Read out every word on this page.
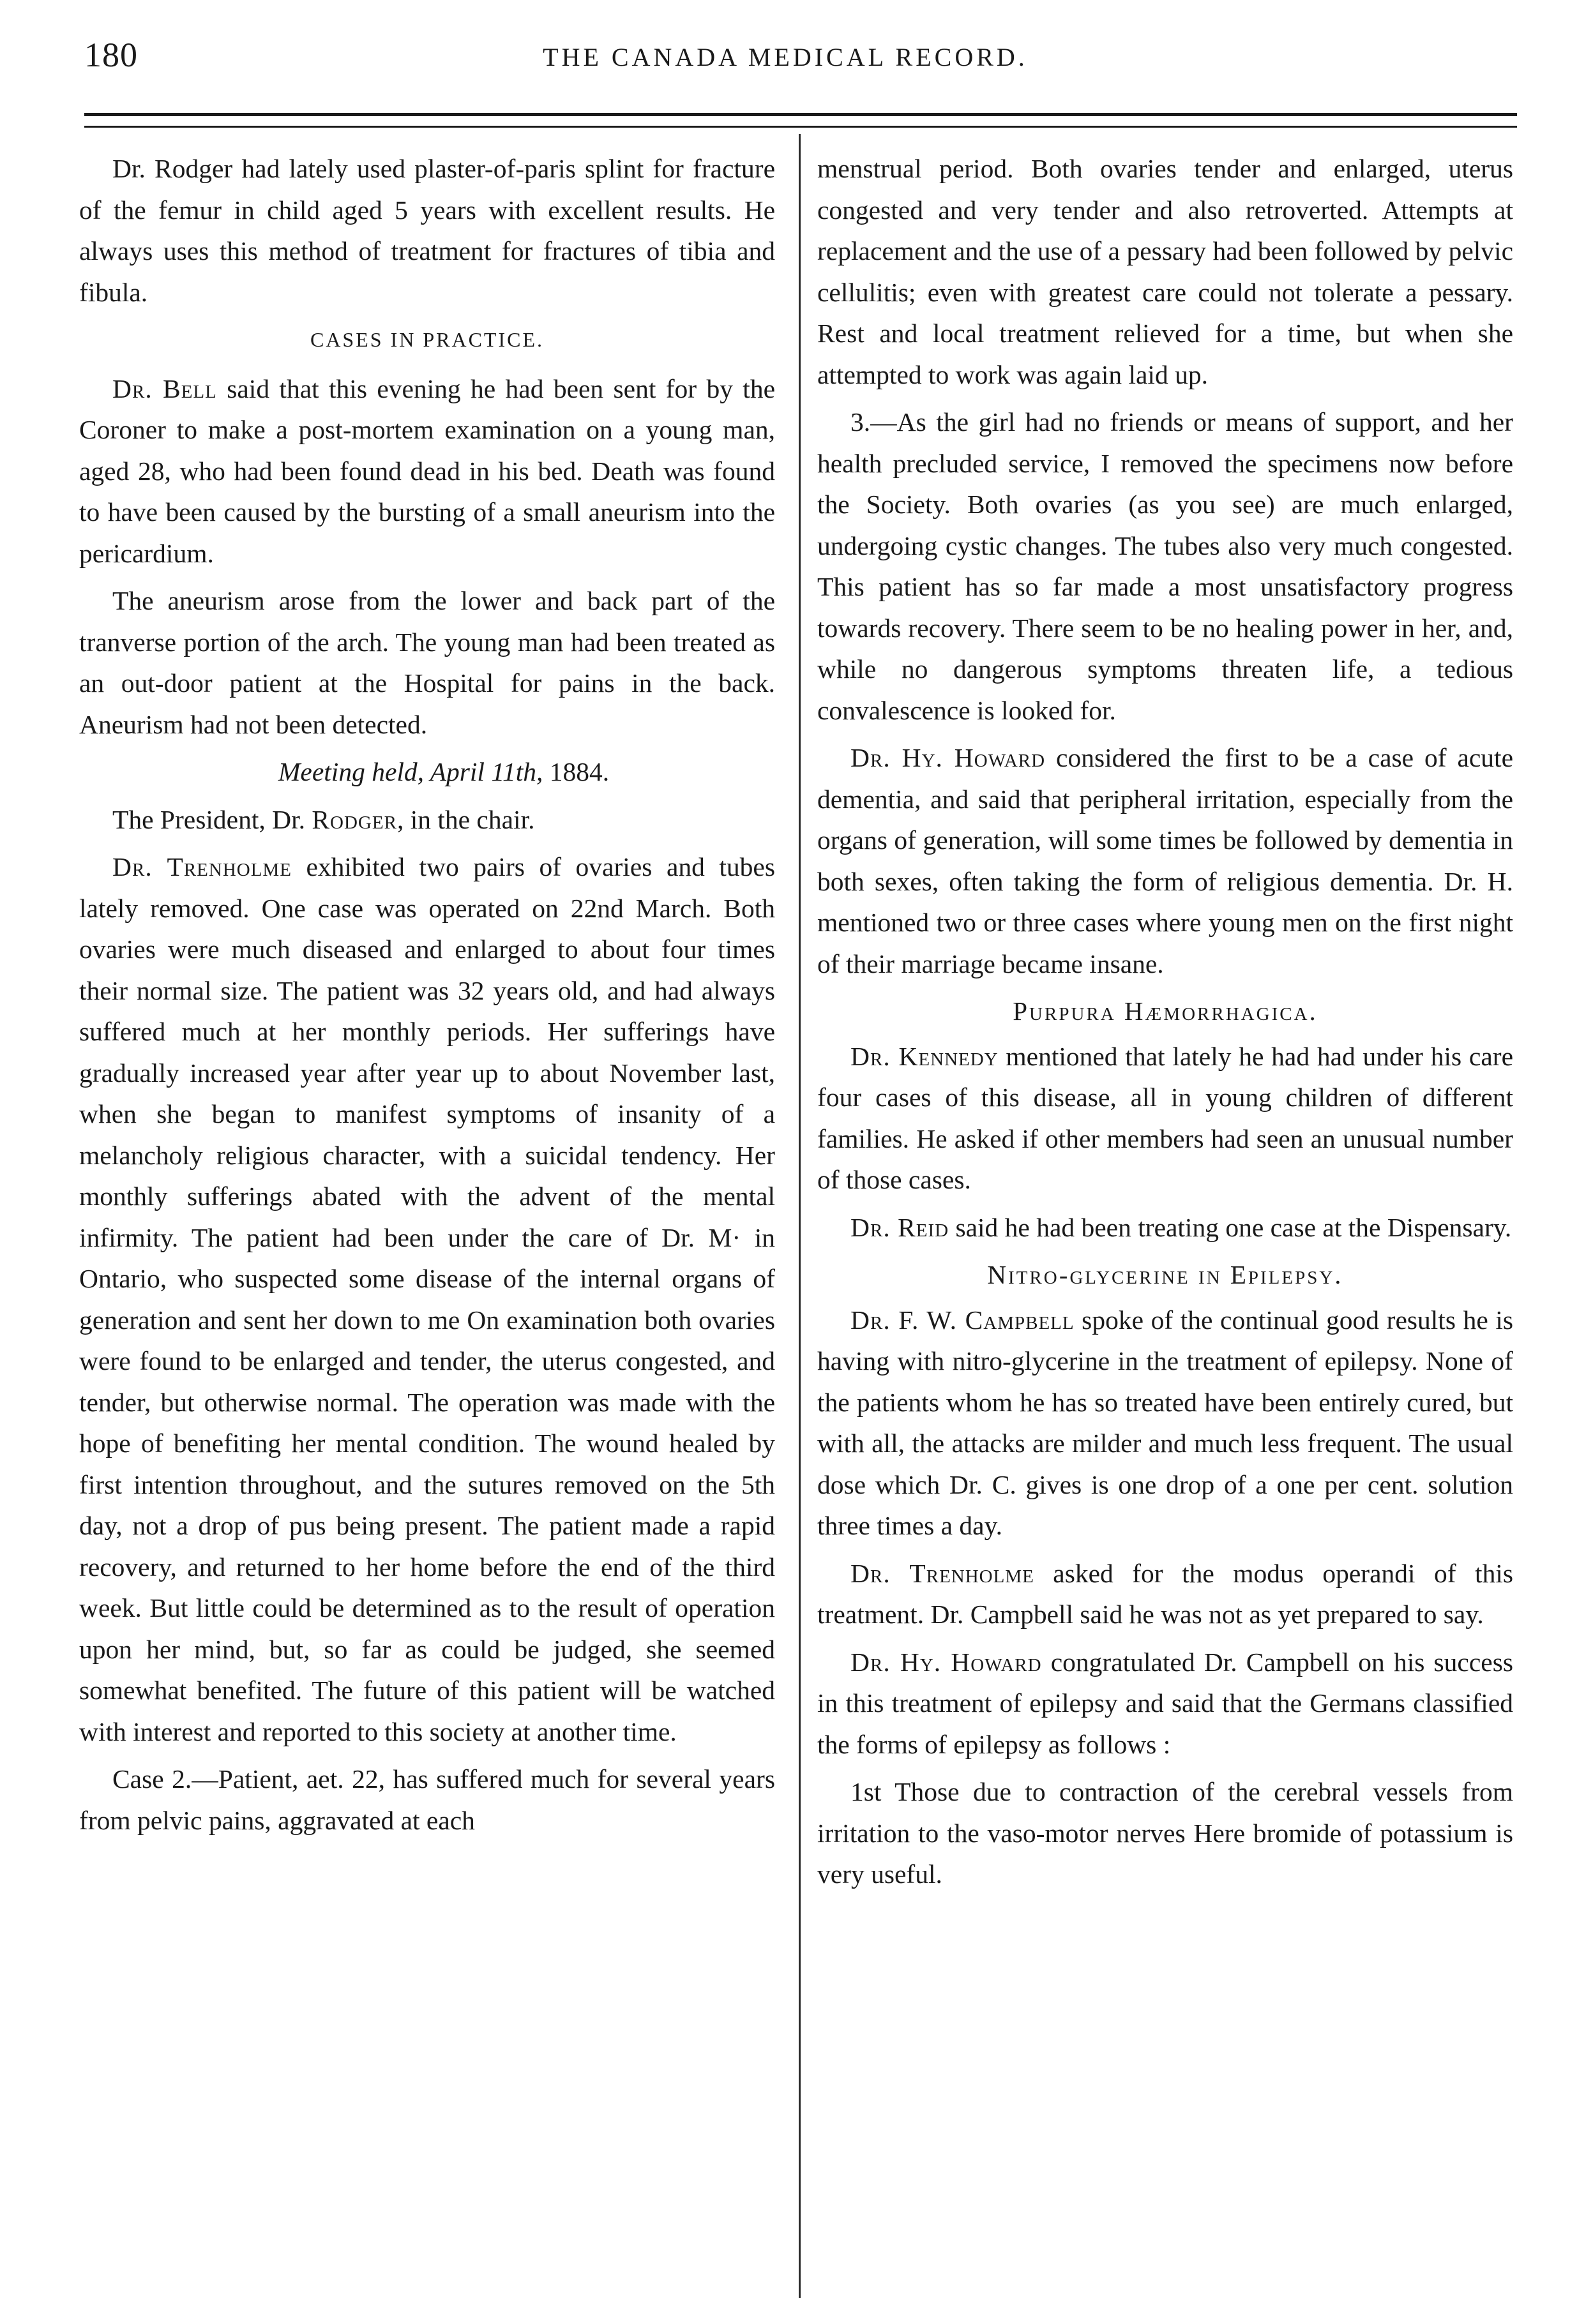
180	THE CANADA MEDICAL RECORD.

Dr. Rodger had lately used plaster-of-paris splint for fracture of the femur in child aged 5 years with excellent results. He always uses this method of treatment for fractures of tibia and fibula.

CASES IN PRACTICE.

Dr. Bell said that this evening he had been sent for by the Coroner to make a post-mortem examination on a young man, aged 28, who had been found dead in his bed. Death was found to have been caused by the bursting of a small aneurism into the pericardium.

The aneurism arose from the lower and back part of the tranverse portion of the arch. The young man had been treated as an out-door patient at the Hospital for pains in the back. Aneurism had not been detected.

Meeting held, April 11th, 1884.

The President, Dr. Rodger, in the chair.

Dr. Trenholme exhibited two pairs of ovaries and tubes lately removed. One case was operated on 22nd March. Both ovaries were much diseased and enlarged to about four times their normal size. The patient was 32 years old, and had always suffered much at her monthly periods. Her sufferings have gradually increased year after year up to about November last, when she began to manifest symptoms of insanity of a melancholy religious character, with a suicidal tendency. Her monthly sufferings abated with the advent of the mental infirmity. The patient had been under the care of Dr. M· in Ontario, who suspected some disease of the internal organs of generation and sent her down to me On examination both ovaries were found to be enlarged and tender, the uterus congested, and tender, but otherwise normal. The operation was made with the hope of benefiting her mental condition. The wound healed by first intention throughout, and the sutures removed on the 5th day, not a drop of pus being present. The patient made a rapid recovery, and returned to her home before the end of the third week. But little could be determined as to the result of operation upon her mind, but, so far as could be judged, she seemed somewhat benefited. The future of this patient will be watched with interest and reported to this society at another time.

Case 2.—Patient, aet. 22, has suffered much for several years from pelvic pains, aggravated at each

menstrual period. Both ovaries tender and enlarged, uterus congested and very tender and also retroverted. Attempts at replacement and the use of a pessary had been followed by pelvic cellulitis; even with greatest care could not tolerate a pessary. Rest and local treatment relieved for a time, but when she attempted to work was again laid up.

3.—As the girl had no friends or means of support, and her health precluded service, I removed the specimens now before the Society. Both ovaries (as you see) are much enlarged, undergoing cystic changes. The tubes also very much congested. This patient has so far made a most unsatisfactory progress towards recovery. There seem to be no healing power in her, and, while no dangerous symptoms threaten life, a tedious convalescence is looked for.

Dr. Hy. Howard considered the first to be a case of acute dementia, and said that peripheral irritation, especially from the organs of generation, will some times be followed by dementia in both sexes, often taking the form of religious dementia. Dr. H. mentioned two or three cases where young men on the first night of their marriage became insane.

Purpura Hæmorrhagica.

Dr. Kennedy mentioned that lately he had had under his care four cases of this disease, all in young children of different families. He asked if other members had seen an unusual number of those cases.

Dr. Reid said he had been treating one case at the Dispensary.

Nitro-glycerine in Epilepsy.

Dr. F. W. Campbell spoke of the continual good results he is having with nitro-glycerine in the treatment of epilepsy. None of the patients whom he has so treated have been entirely cured, but with all, the attacks are milder and much less frequent. The usual dose which Dr. C. gives is one drop of a one per cent. solution three times a day.

Dr. Trenholme asked for the modus operandi of this treatment. Dr. Campbell said he was not as yet prepared to say.

Dr. Hy. Howard congratulated Dr. Campbell on his success in this treatment of epilepsy and said that the Germans classified the forms of epilepsy as follows :

1st Those due to contraction of the cerebral vessels from irritation to the vaso-motor nerves Here bromide of potassium is very useful.
